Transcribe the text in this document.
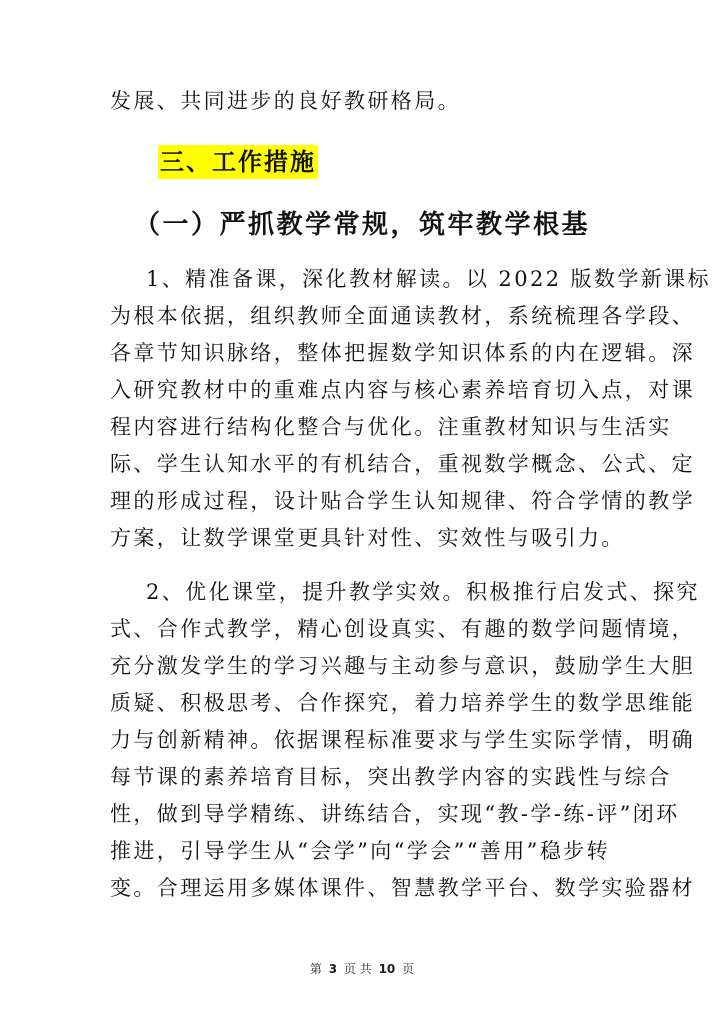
发展、共同进步的良好教研格局。
三、工作措施
（一）严抓教学常规，筑牢教学根基
1、精准备课，深化教材解读。以 2022 版数学新课标
为根本依据，组织教师全面通读教材，系统梳理各学段、
各章节知识脉络，整体把握数学知识体系的内在逻辑。深
入研究教材中的重难点内容与核心素养培育切入点，对课
程内容进行结构化整合与优化。注重教材知识与生活实
际、学生认知水平的有机结合，重视数学概念、公式、定
理的形成过程，设计贴合学生认知规律、符合学情的教学
方案，让数学课堂更具针对性、实效性与吸引力。
2、优化课堂，提升教学实效。积极推行启发式、探究
式、合作式教学，精心创设真实、有趣的数学问题情境，
充分激发学生的学习兴趣与主动参与意识，鼓励学生大胆
质疑、积极思考、合作探究，着力培养学生的数学思维能
力与创新精神。依据课程标准要求与学生实际学情，明确
每节课的素养培育目标，突出教学内容的实践性与综合
性，做到导学精练、讲练结合，实现“教-学-练-评”闭环
推进，引导学生从“会学”向“学会”“善用”稳步转
变。合理运用多媒体课件、智慧教学平台、数学实验器材
第 3 页 共 10 页
